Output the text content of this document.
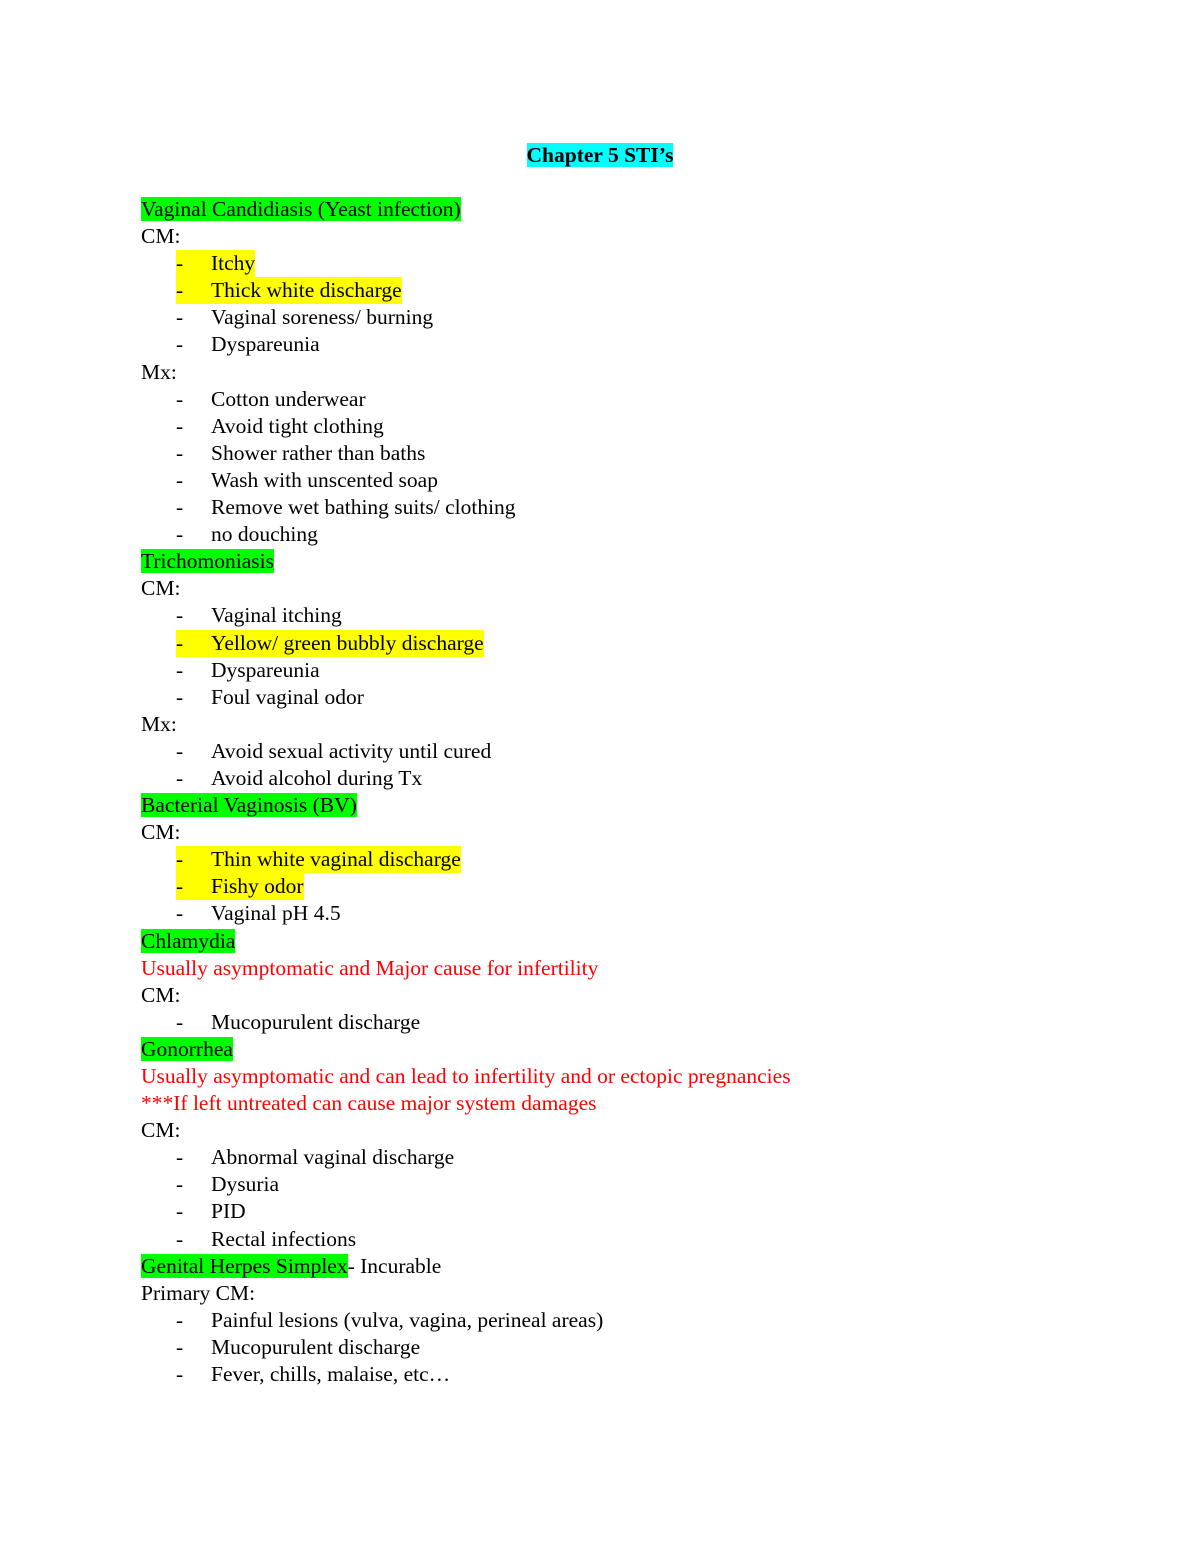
Chapter 5 STI’s
Vaginal Candidiasis (Yeast infection)
CM:
-	Itchy
-	Thick white discharge
- Vaginal soreness/ burning
- Dyspareunia
Mx:
- Cotton underwear
- Avoid tight clothing
- Shower rather than baths
- Wash with unscented soap
- Remove wet bathing suits/ clothing
- no douching
Trichomoniasis
CM:
- Vaginal itching
-	Yellow/ green bubbly discharge
- Dyspareunia
- Foul vaginal odor
Mx:
- Avoid sexual activity until cured
- Avoid alcohol during Tx
Bacterial Vaginosis (BV)
CM:
-	Thin white vaginal discharge
-	Fishy odor
- Vaginal pH 4.5
Chlamydia
Usually asymptomatic and Major cause for infertility
CM:
- Mucopurulent discharge
Gonorrhea
Usually asymptomatic and can lead to infertility and or ectopic pregnancies
***If left untreated can cause major system damages
CM:
- Abnormal vaginal discharge
- Dysuria
- PID
- Rectal infections
Genital Herpes Simplex- Incurable
Primary CM:
- Painful lesions (vulva, vagina, perineal areas)
- Mucopurulent discharge
- Fever, chills, malaise, etc…
